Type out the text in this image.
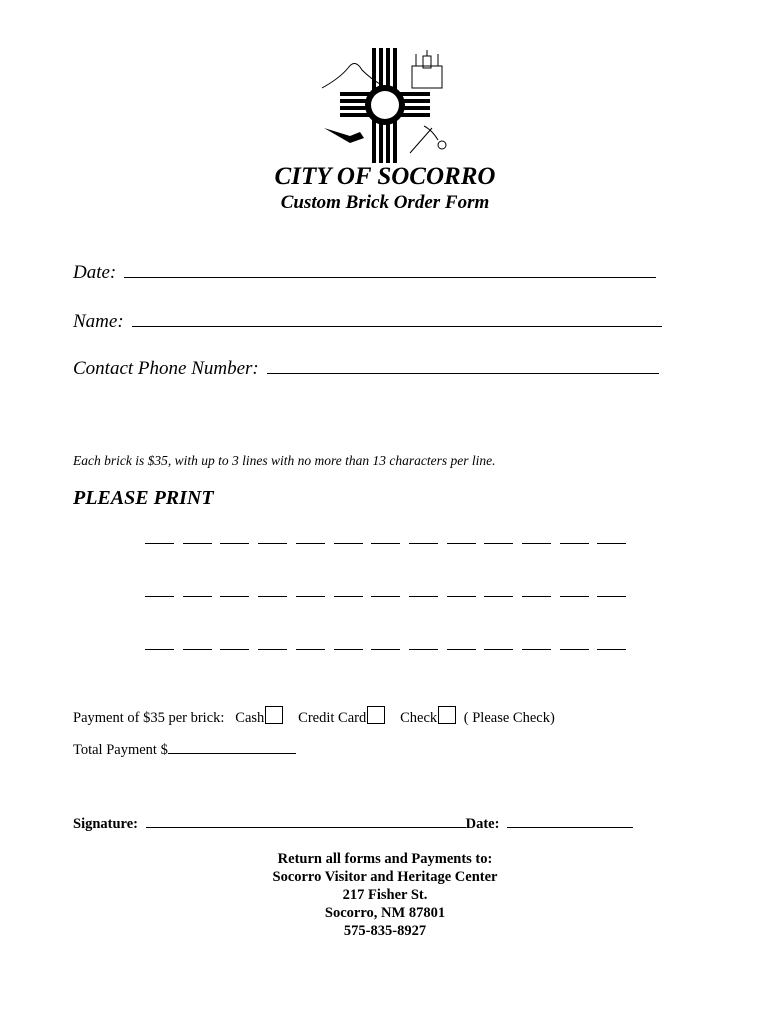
CITY OF SOCORRO
Custom Brick Order Form
Date:
Name:
Contact Phone Number:
Each brick is $35, with up to 3 lines with no more than 13 characters per line.
PLEASE PRINT
Payment of $35 per brick: Cash Credit Card Check ( Please Check)
Total Payment $
Signature:	Date:
Return all forms and Payments to:
Socorro Visitor and Heritage Center
217 Fisher St.
Socorro, NM 87801
575-835-8927
